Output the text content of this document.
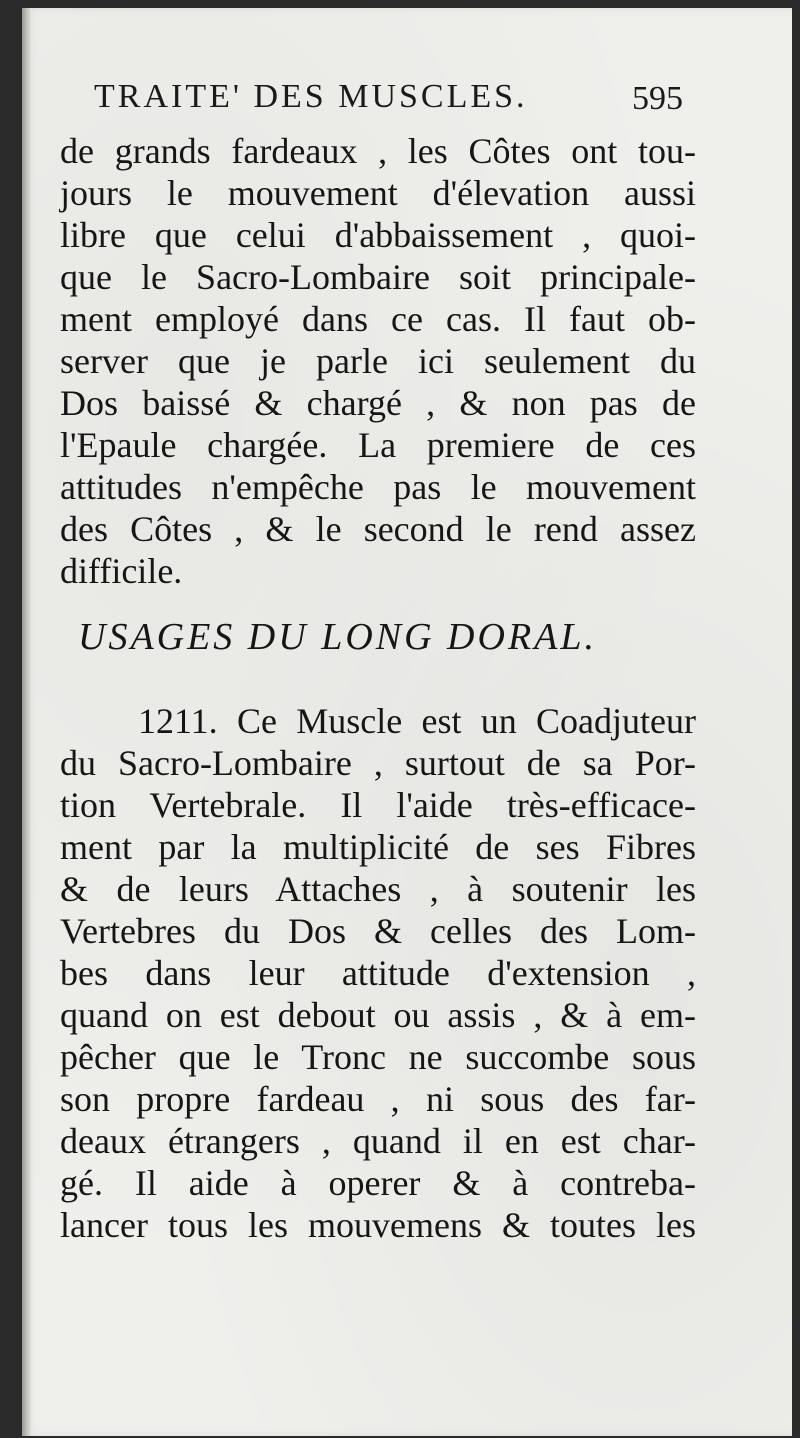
TRAITE' DES MUSCLES.	595
de grands fardeaux , les Côtes ont tou-
jours le mouvement d'élevation aussi
libre que celui d'abbaissement , quoi-
que le Sacro-Lombaire soit principale-
ment employé dans ce cas. Il faut ob-
server que je parle ici seulement du
Dos baissé & chargé , & non pas de
l'Epaule chargée. La premiere de ces
attitudes n'empêche pas le mouvement
des Côtes , & le second le rend assez
difficile.
USAGES DU LONG DORAL.
1211. Ce Muscle est un Coadjuteur
du Sacro-Lombaire , surtout de sa Por-
tion Vertebrale. Il l'aide très-efficace-
ment par la multiplicité de ses Fibres
& de leurs Attaches , à soutenir les
Vertebres du Dos & celles des Lom-
bes dans leur attitude d'extension ,
quand on est debout ou assis , & à em-
pêcher que le Tronc ne succombe sous
son propre fardeau , ni sous des far-
deaux étrangers , quand il en est char-
gé. Il aide à operer & à contreba-
lancer tous les mouvemens & toutes les
